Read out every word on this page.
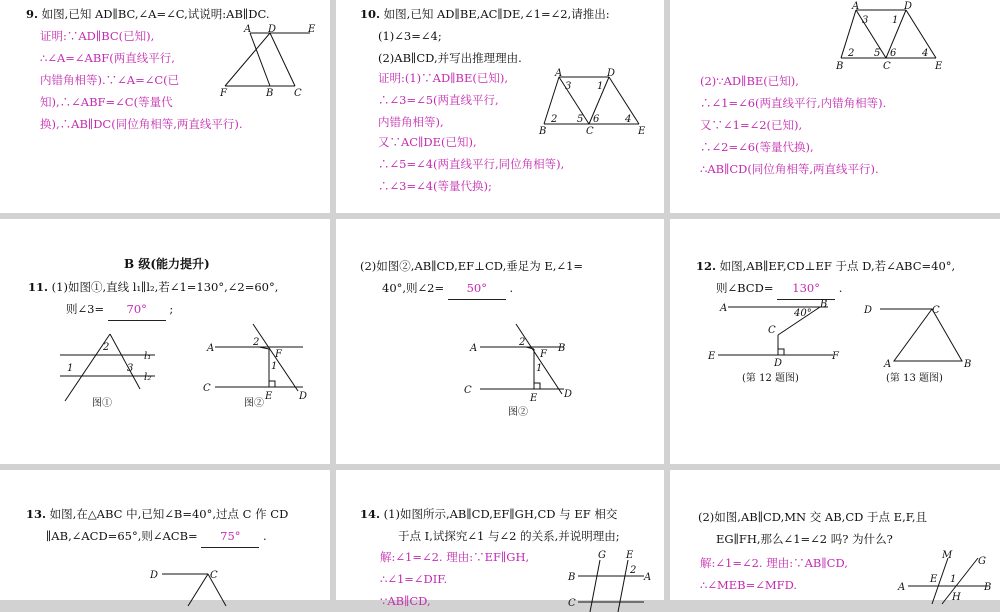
9. 如图,已知 AD∥BC,∠A=∠C,试说明:AB∥DC.
证明:∵AD∥BC(已知),
∴∠A=∠ABF(两直线平行,
内错角相等).∵∠A=∠C(已
知),∴∠ABF=∠C(等量代
换),∴AB∥DC(同位角相等,两直线平行).
A D	E
F	B C
10. 如图,已知 AD∥BE,AC∥DE,∠1=∠2,请推出:
(1)∠3=∠4;
(2)AB∥CD,并写出推理理由.
证明:(1)∵AD∥BE(已知),
∴∠3=∠5(两直线平行,
内错角相等),
又∵AC∥DE(已知),
∴∠5=∠4(两直线平行,同位角相等),
∴∠3=∠4(等量代换);
A	D
3	1
2 5 6	4
B	C	E
A	D
3 1
2 5 6	4
B	C	E
(2)∵AD∥BE(已知),
∴∠1=∠6(两直线平行,内错角相等).
又∵∠1=∠2(已知),
∴∠2=∠6(等量代换),
∴AB∥CD(同位角相等,两直线平行).
B 级(能力提升)
11. (1)如图①,直线 l₁∥l₂,若∠1=130°,∠2=60°,
则∠3= 70° ;
2
1	3
l₁
l₂
图①
A
2
F
1
C
E	D
图②
(2)如图②,AB∥CD,EF⊥CD,垂足为 E,∠1=
40°,则∠2= 50° .
A
2
F
B
1
C
E	D
图②
12. 如图,AB∥EF,CD⊥EF 于点 D,若∠ABC=40°,
则∠BCD= 130° .
A	40°
B
C
E
D
F
(第 12 题图)
D	C
A	B
(第 13 题图)
13. 如图,在△ABC 中,已知∠B=40°,过点 C 作 CD
∥AB,∠ACD=65°,则∠ACB= 75° .
D	C
14. (1)如图所示,AB∥CD,EF∥GH,CD 与 EF 相交
于点 I,试探究∠1 与∠2 的关系,并说明理由;
解:∠1=∠2. 理由:∵EF∥GH,
∴∠1=∠DIF.
∵AB∥CD,
G E
B
2
A
C
(2)如图,AB∥CD,MN 交 AB,CD 于点 E,F,且
EG∥FH,那么∠1=∠2 吗? 为什么?
解:∠1=∠2. 理由:∵AB∥CD,
∴∠MEB=∠MFD.
M
G
A
E 1
B
H
